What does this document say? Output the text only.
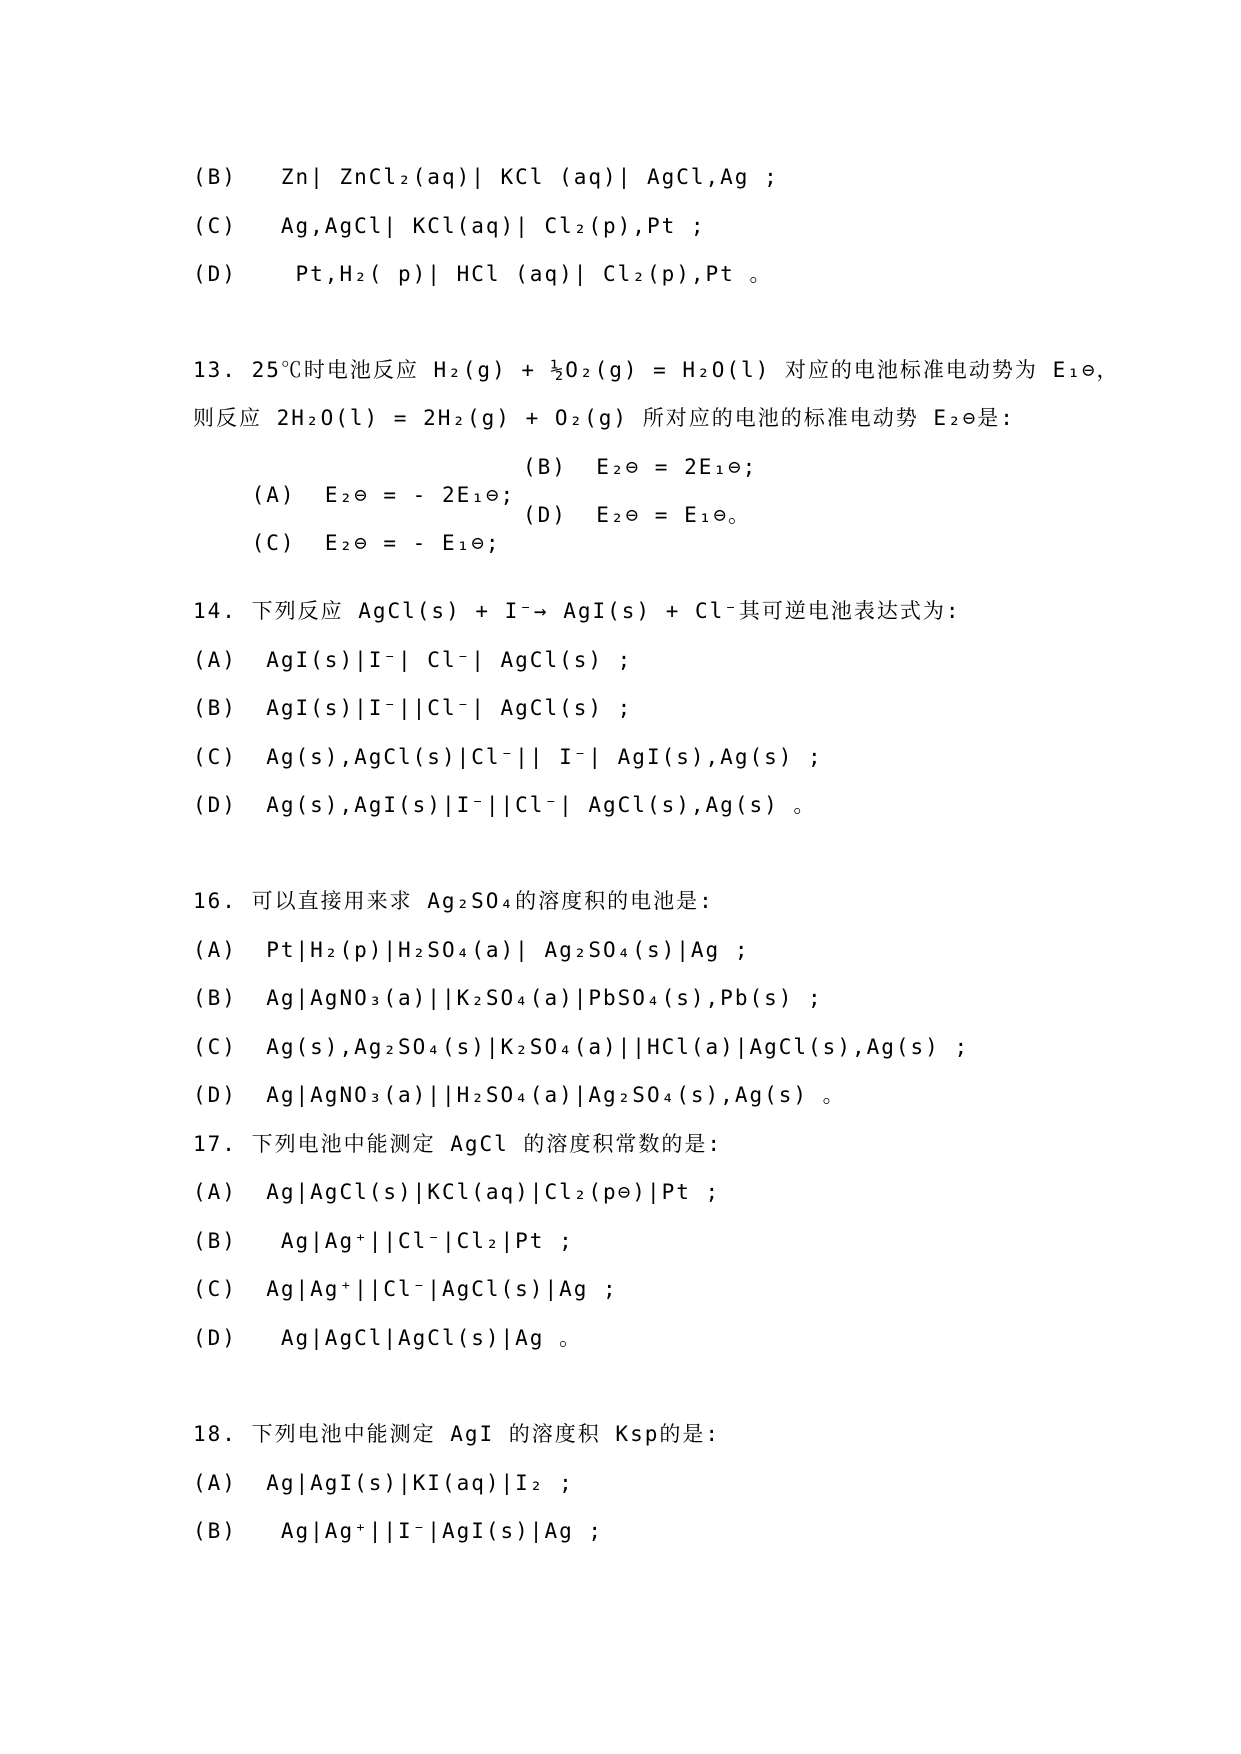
(B) Zn| ZnCl₂(aq)| KCl (aq)| AgCl,Ag ;
(C) Ag,AgCl| KCl(aq)| Cl₂(p),Pt ;
(D)	Pt,H₂( p)| HCl (aq)| Cl₂(p),Pt 。
13. 25℃时电池反应 H₂(g) + ½O₂(g) = H₂O(l) 对应的电池标准电动势为 E₁⊖，
则反应 2H₂O(l) = 2H₂(g) + O₂(g) 所对应的电池的标准电动势 E₂⊖是:

(A) E₂⊖ = - 2E₁⊖;

(B) E₂⊖ = 2E₁⊖;

(C) E₂⊖ = - E₁⊖;

(D) E₂⊖ = E₁⊖。

14. 下列反应 AgCl(s) + I⁻→ AgI(s) + Cl⁻其可逆电池表达式为:
(A) AgI(s)|I⁻| Cl⁻| AgCl(s) ;
(B) AgI(s)|I⁻||Cl⁻| AgCl(s) ;
(C) Ag(s),AgCl(s)|Cl⁻|| I⁻| AgI(s),Ag(s) ;
(D) Ag(s),AgI(s)|I⁻||Cl⁻| AgCl(s),Ag(s) 。
16. 可以直接用来求 Ag₂SO₄的溶度积的电池是:
(A) Pt|H₂(p)|H₂SO₄(a)| Ag₂SO₄(s)|Ag ;
(B) Ag|AgNO₃(a)||K₂SO₄(a)|PbSO₄(s),Pb(s) ;
(C) Ag(s),Ag₂SO₄(s)|K₂SO₄(a)||HCl(a)|AgCl(s),Ag(s) ;
(D) Ag|AgNO₃(a)||H₂SO₄(a)|Ag₂SO₄(s),Ag(s) 。
17. 下列电池中能测定 AgCl 的溶度积常数的是:
(A) Ag|AgCl(s)|KCl(aq)|Cl₂(p⊖)|Pt ;
(B) Ag|Ag⁺||Cl⁻|Cl₂|Pt ;
(C) Ag|Ag⁺||Cl⁻|AgCl(s)|Ag ;
(D) Ag|AgCl|AgCl(s)|Ag 。
18. 下列电池中能测定 AgI 的溶度积 Ksp的是:
(A) Ag|AgI(s)|KI(aq)|I₂ ;
(B) Ag|Ag⁺||I⁻|AgI(s)|Ag ;
